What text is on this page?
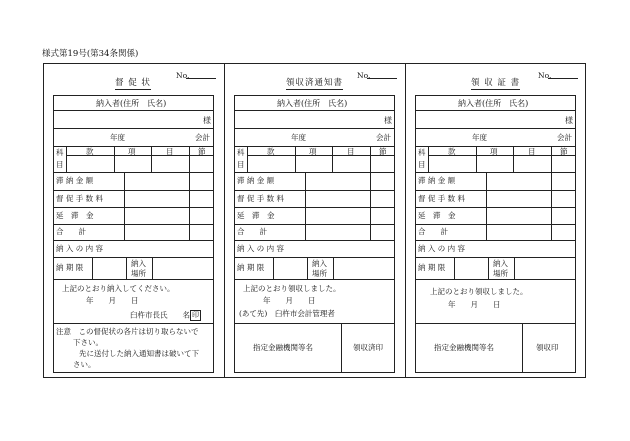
様式第19号(第34条関係)
督 促 状
No.
納入者(住所　氏名)
様
年度	会計
科
目
款	項	目	節
滞 納 金 額
督 促 手 数 料
延　滞　金
合　　計
納 入 の 内 容
納 期 限	納入
場所
上記のとおり納入してください。
年　　月　　日
臼杵市長氏　　名 印
注意　この督促状の各片は切り取らないで
下さい。
先に送付した納入通知書は破いて下
さい。
領収済通知書
No.
納入者(住所　氏名)
様
年度	会計
科
目
款	項	目	節
滞 納 金 額
督 促 手 数 料
延　滞　金
合　　計
納 入 の 内 容
納 期 限	納入
場所
上記のとおり領収しました。
年　　月　　日
(あて先)　臼杵市会計管理者
指定金融機関等名	領収済印
領 収 証 書
No.
納入者(住所　氏名)
様
年度	会計
科
目
款	項	目	節
滞 納 金 額
督 促 手 数 料
延　滞　金
合　　計
納 入 の 内 容
納 期 限	納入
場所
上記のとおり領収しました。
年　　月　　日
指定金融機関等名	領収印
